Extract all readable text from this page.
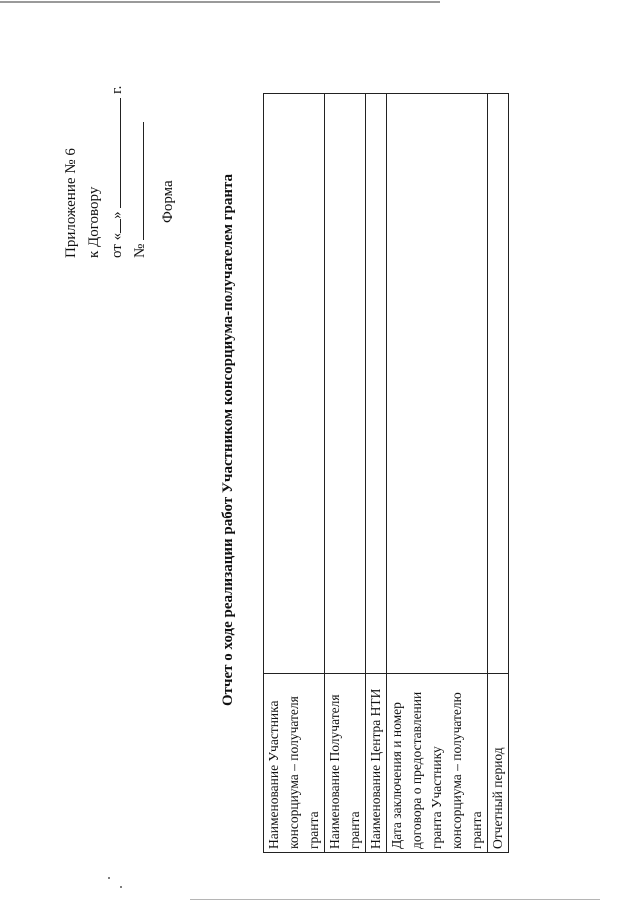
Приложение № 6 к Договору от «»  г.
№
Форма	Отчет о ходе реализации работ Участником консорциума-получателем гранта
Наименование Участника консорциума – получателя гранта	
Наименование Получателя гранта	
Наименование Центра НТИ	
Дата заключения и номер договора о предоставлении гранта Участнику консорциума – получателю гранта	
Отчетный период	
